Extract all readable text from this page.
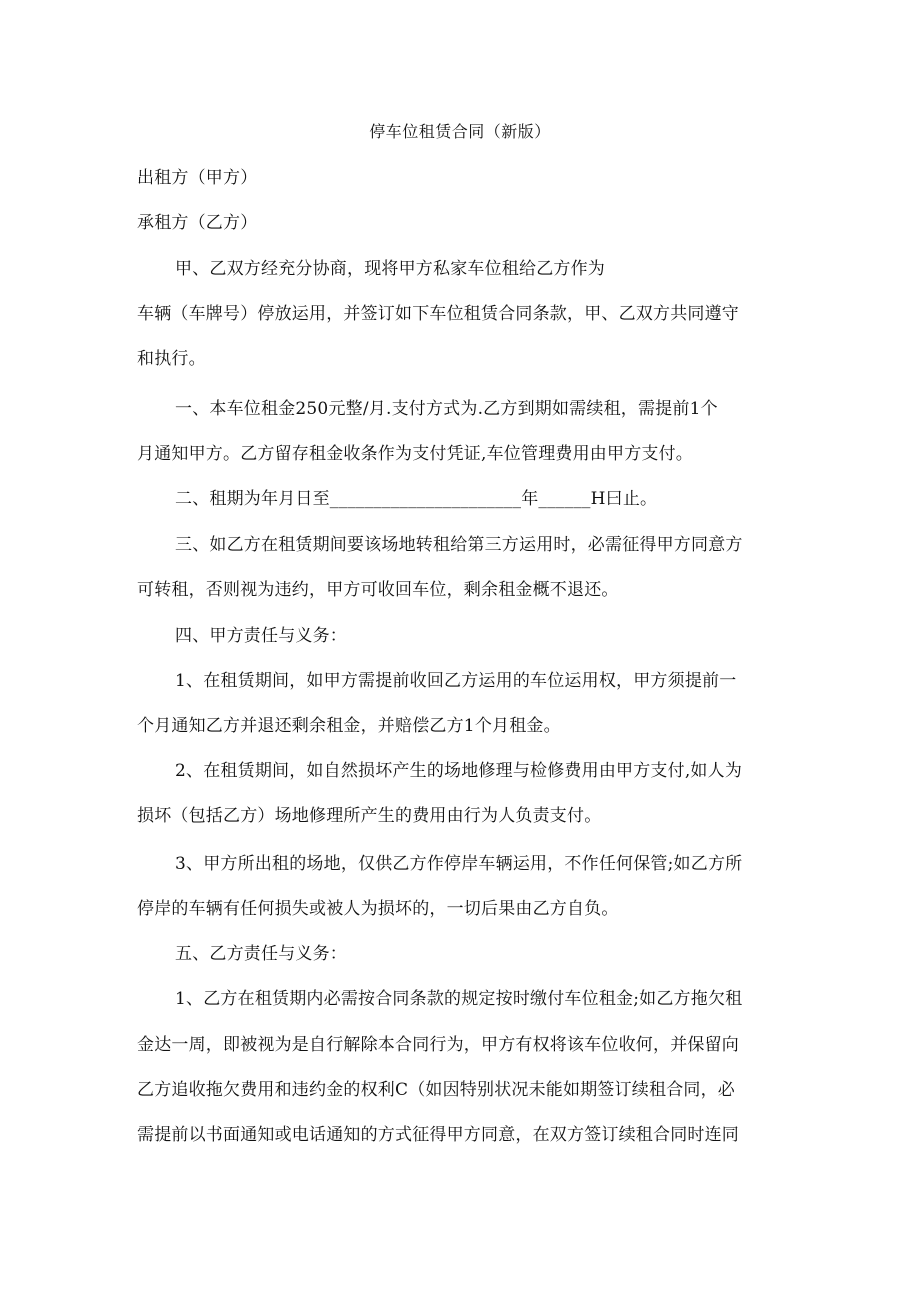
停车位租赁合同（新版）

出租方（甲方）

承租方（乙方）

甲、乙双方经充分协商，现将甲方私家车位租给乙方作为

车辆（车牌号）停放运用，并签订如下车位租赁合同条款，甲、乙双方共同遵守

和执行。

一、本车位租金250元整/月.支付方式为.乙方到期如需续租，需提前1个

月通知甲方。乙方留存租金收条作为支付凭证,车位管理费用由甲方支付。

二、租期为年月日至______________________年______H曰止。

三、如乙方在租赁期间要该场地转租给第三方运用时，必需征得甲方同意方

可转租，否则视为违约，甲方可收回车位，剩余租金概不退还。

四、甲方责任与义务：

1、在租赁期间，如甲方需提前收回乙方运用的车位运用权，甲方须提前一

个月通知乙方并退还剩余租金，并赔偿乙方1个月租金。

2、在租赁期间，如自然损坏产生的场地修理与检修费用由甲方支付,如人为

损坏（包括乙方）场地修理所产生的费用由行为人负责支付。

3、甲方所出租的场地，仅供乙方作停岸车辆运用，不作任何保管;如乙方所

停岸的车辆有任何损失或被人为损坏的，一切后果由乙方自负。

五、乙方责任与义务：

1、乙方在租赁期内必需按合同条款的规定按时缴付车位租金;如乙方拖欠租

金达一周，即被视为是自行解除本合同行为，甲方有权将该车位收何，并保留向

乙方追收拖欠费用和违约金的权利C（如因特别状况未能如期签订续租合同，必

需提前以书面通知或电话通知的方式征得甲方同意，在双方签订续租合同时连同
